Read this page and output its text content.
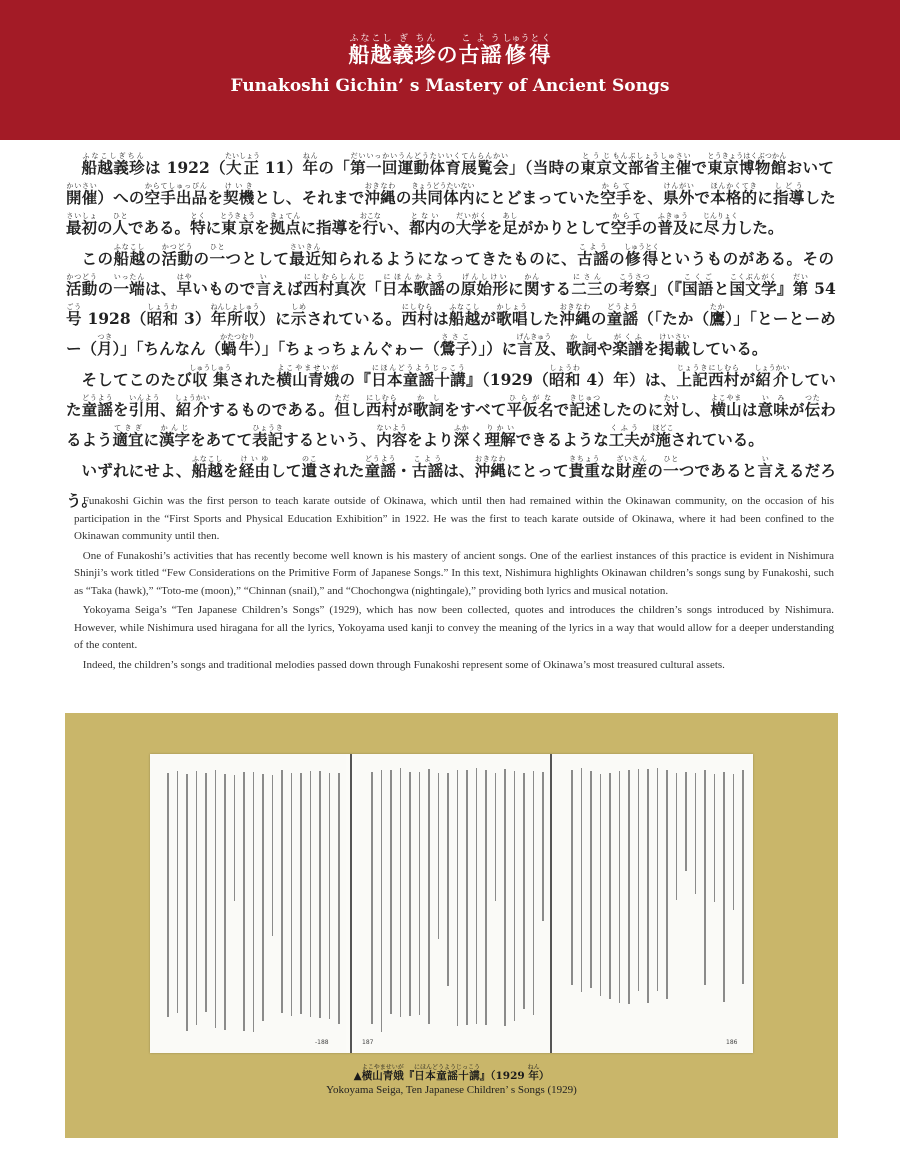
船越ふなこし義ぎ珍ちんの古謡こよう修しゅう得とく
Funakoshi Gichin’ s Mastery of Ancient Songs

船越義珍ふなこしぎちんは 1922（大正たいしょう 11）年ねんの「第一回運動体育展覧会だいいっかいうんどうたいいくてんらんかい」（当時の東京とうじ文部省主催もんぶしょうしゅさいで東京博物館とうきょうはくぶつかんおいて開催かいさい）への空手出品からてしゅっぴんを契機けいきとし、それまで沖縄おきなわの共同体内きょうどうたいないにとどまっていた空手からてを、県外けんがいで本格的ほんかくてきに指導しどうした最初さいしょの人ひとである。特とくに東京とうきょうを拠点きょてんに指導を行おこない、都内とないの大学だいがくを足あしがかりとして空手からての普及ふきゅうに尽力じんりょくした。

この船越ふなこしの活動かつどうの一ひとつとして最近さいきん知られるようになってきたものに、古謡こようの修得しゅうとくというものがある。その活動かつどうの一端いったんは、早はやいもので言いえば西村真次にしむらしんじ「日本歌謡にほんかようの原始形げんしけいに関かんする二三にさんの考察こうさつ」（『国語こくごと国文学こくぶんがく』第だい 54 号ごう 1928（昭和しょうわ 3）年所収ねんしょしゅう）に示しめされている。西村にしむらは船越ふなこしが歌唱かしょうした沖縄おきなわの童謡どうよう（「たか（鷹たか）」「とーとーめー（月つき）」「ちんなん（蝸牛かたつむり）」「ちょっちょんぐゎー（鶯子ささこ）」）に言及げんきゅう、歌詞かしや楽譜がくふを掲載けいさいしている。

そしてこのたび収集しゅうしゅうされた横山青娥よこやませいがの『日本童謡十講にほんどうようじっこう』（1929（昭和しょうわ 4）年）は、上記じょうき西村にしむらが紹介しょうかいしていた童謡どうようを引用いんよう、紹介しょうかいするものである。但ただし西村にしむらが歌詞かしをすべて平仮名ひらがなで記述きじゅつしたのに対たいし、横山よこやまは意味いみが伝つたわるよう適宜てきぎに漢字かんじをあてて表記ひょうきするという、内容ないようをより深ふかく理解りかいできるような工夫くふうが施ほどこされている。

いずれにせよ、船越ふなこしを経由けいゆして遺のこされた童謡どうよう・古謡こようは、沖縄おきなわにとって貴重きちょうな財産ざいさんの一ひとつであると言いえるだろう。

Funakoshi Gichin was the first person to teach karate outside of Okinawa, which until then had remained within the Okinawan community, on the occasion of his participation in the “First Sports and Physical Education Exhibition” in 1922. He was the first to teach karate outside of Okinawa, where it had been confined to the Okinawan community until then.

One of Funakoshi’s activities that has recently become well known is his mastery of ancient songs. One of the earliest instances of this practice is evident in Nishimura Shinji’s work titled “Few Considerations on the Primitive Form of Japanese Songs.” In this text, Nishimura highlights Okinawan children’s songs sung by Funakoshi, such as “Taka (hawk),” “Toto-me (moon),” “Chinnan (snail),” and “Chochongwa (nightingale),” providing both lyrics and musical notation.

Yokoyama Seiga’s “Ten Japanese Children’s Songs” (1929), which has now been collected, quotes and introduces the children’s songs introduced by Nishimura. However, while Nishimura used hiragana for all the lyrics, Yokoyama used kanji to convey the meaning of the lyrics in a way that would allow for a deeper understanding of the content.

Indeed, the children’s songs and traditional melodies passed down through Funakoshi represent some of Okinawa’s most treasured cultural assets.

-188	187	186
▲横山青娥よこやませいが『日本童謡十講にほんどうようじっこう』（1929 年ねん）
Yokoyama Seiga, Ten Japanese Children’ s Songs (1929)
